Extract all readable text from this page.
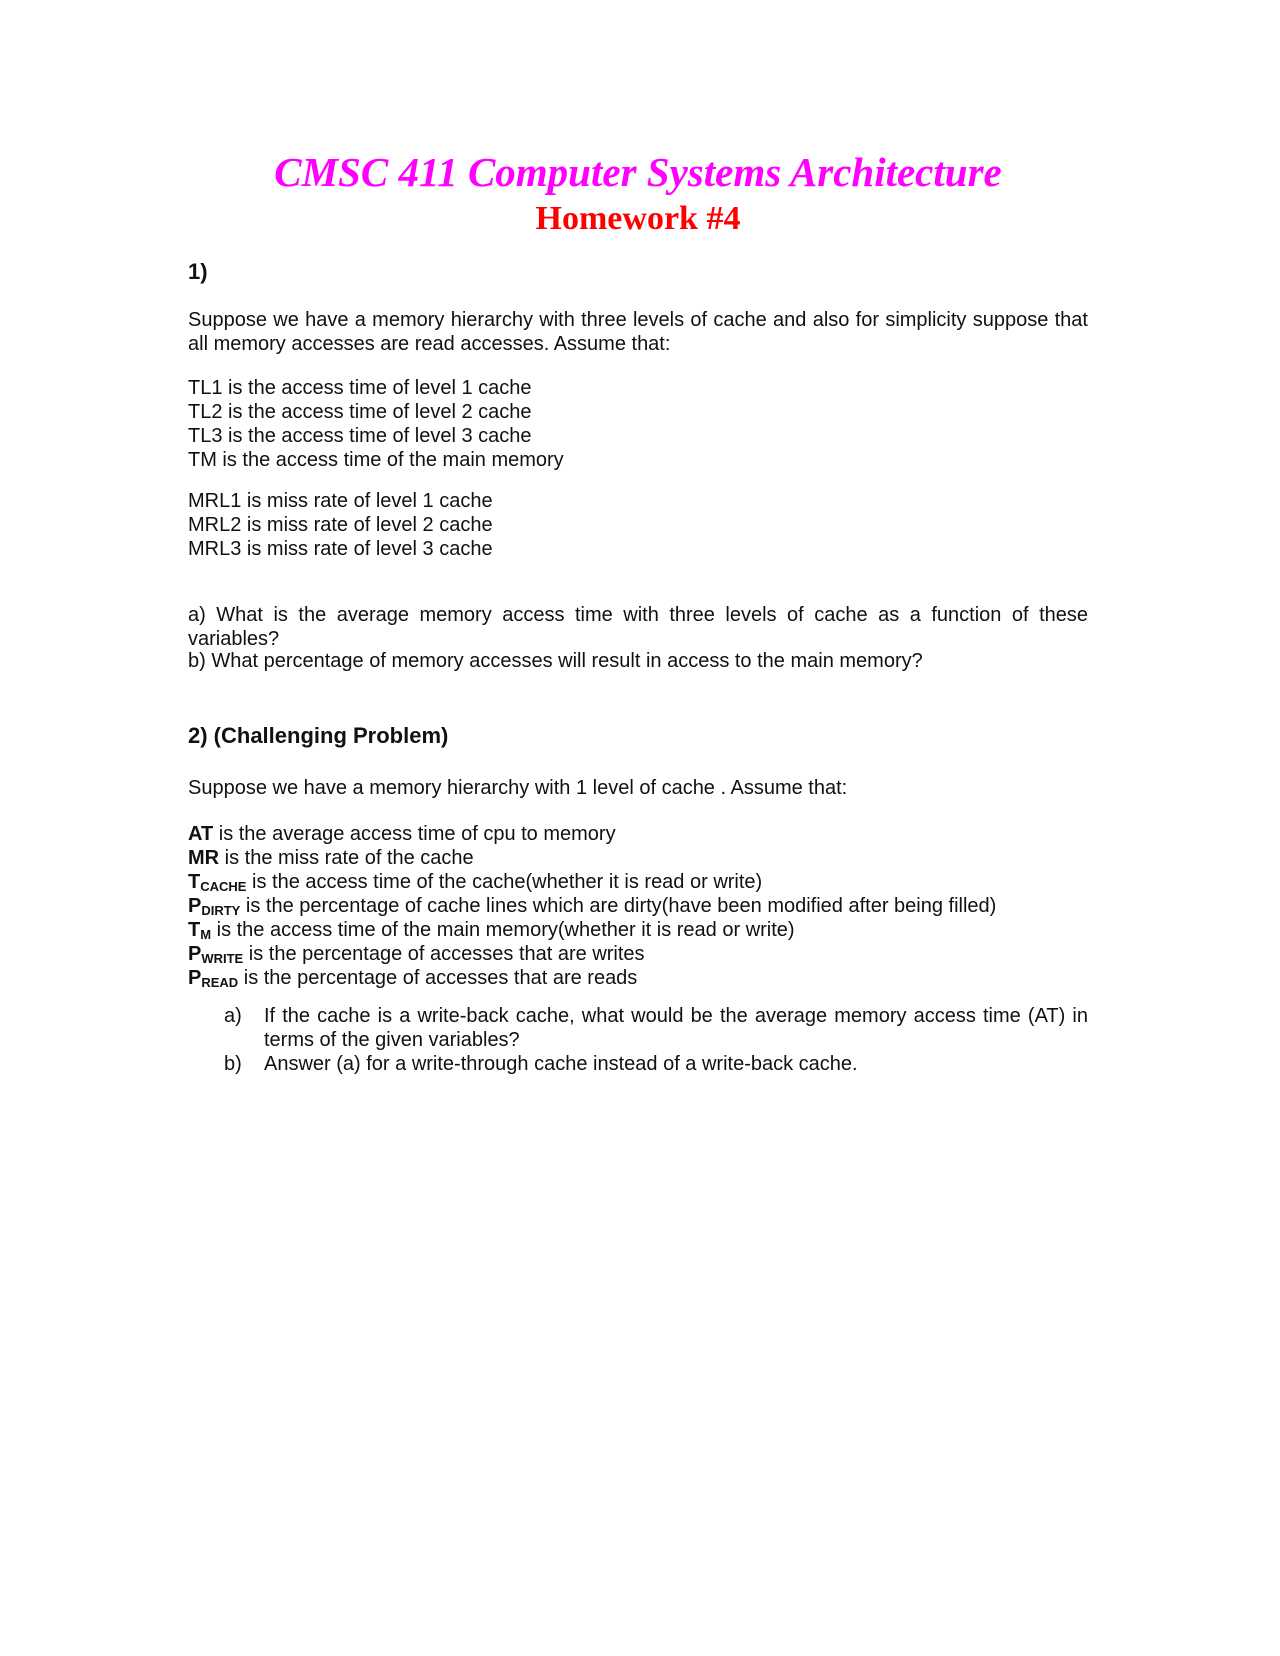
CMSC 411 Computer Systems Architecture
Homework #4
1)
Suppose we have a memory hierarchy with three levels of cache and also for simplicity suppose that all memory accesses are read accesses. Assume that:
TL1 is the access time of level 1 cache
TL2 is the access time of level 2 cache
TL3 is the access time of level 3 cache
TM is the access time of the main memory
MRL1 is miss rate of level 1 cache
MRL2 is miss rate of level 2 cache
MRL3 is miss rate of level 3 cache
a) What is the average memory access time with three levels of cache as a function of these variables?
b) What percentage of memory accesses will result in access to the main memory?
2) (Challenging Problem)
Suppose we have a memory hierarchy with 1 level of cache . Assume that:
AT is the average access time of cpu to memory
MR is the miss rate of the cache
$T_{CACHE}$ is the access time of the cache(whether it is read or write)
$P_{DIRTY}$ is the percentage of cache lines which are dirty(have been modified after being filled)
$T_M$ is the access time of the main memory(whether it is read or write)
$P_{WRITE}$ is the percentage of accesses that are writes
$P_{READ}$ is the percentage of accesses that are reads
a) If the cache is a write-back cache, what would be the average memory access time (AT) in terms of the given variables?
b) Answer (a) for a write-through cache instead of a write-back cache.
